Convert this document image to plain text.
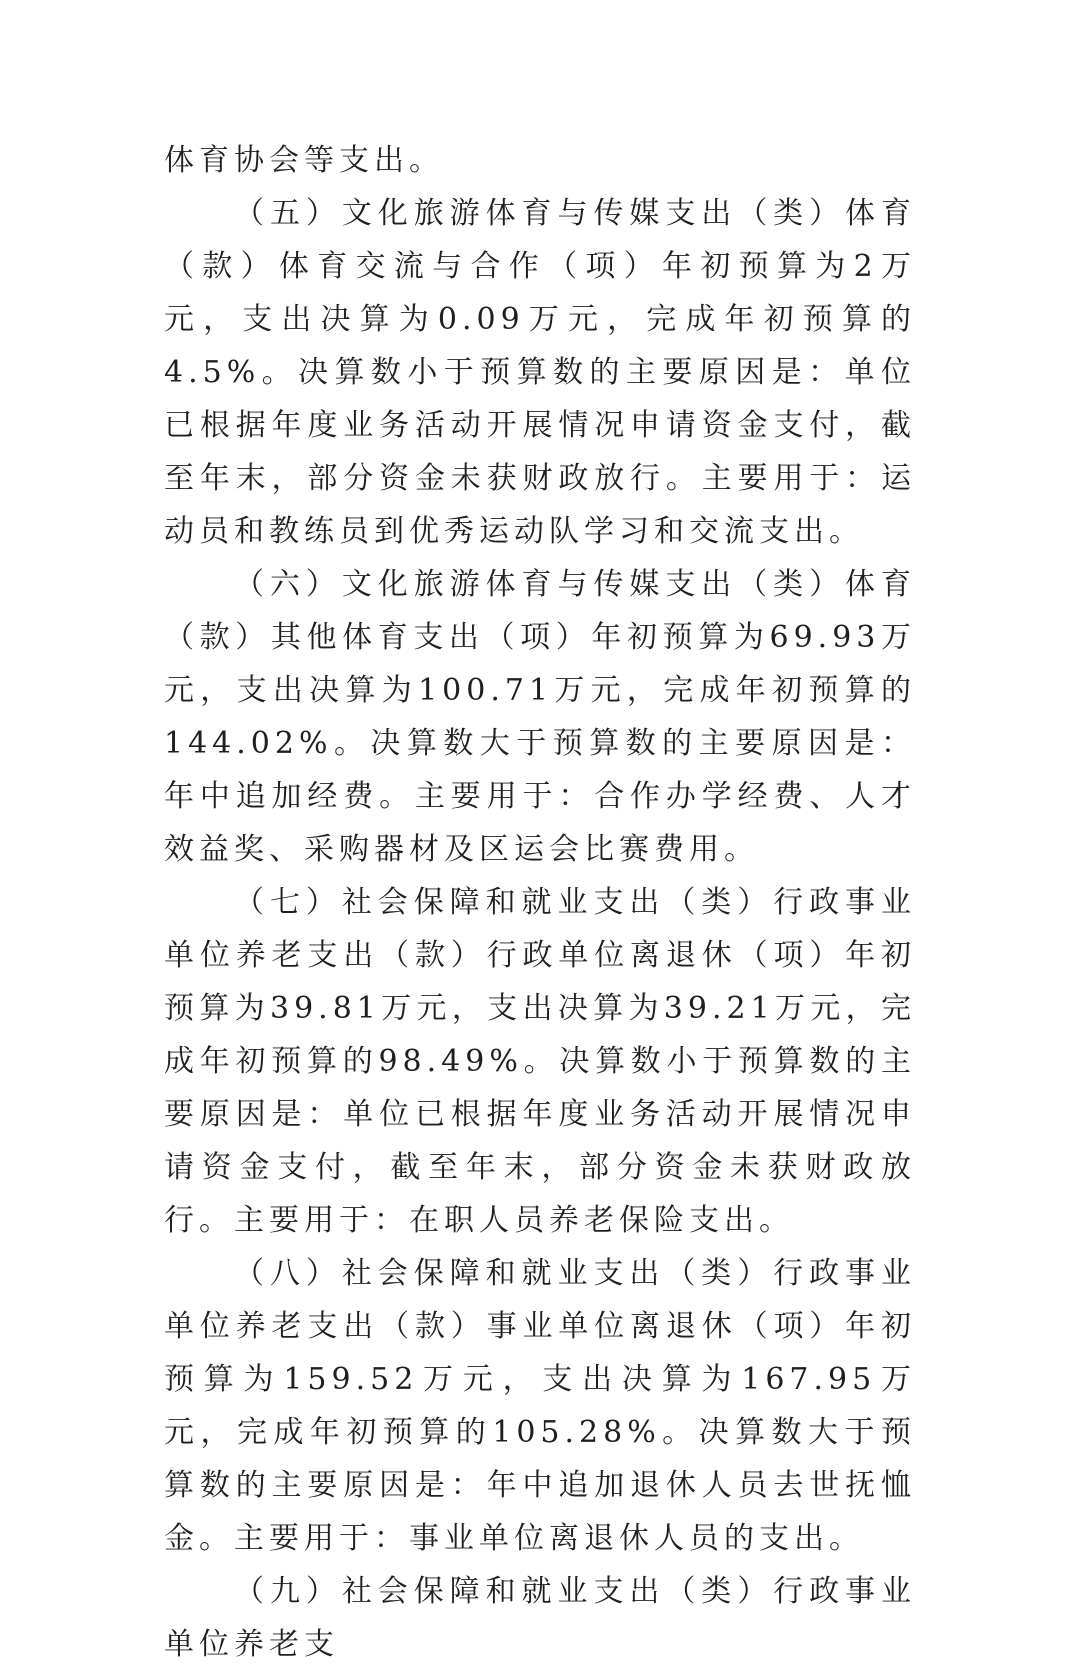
体育协会等支出。

（五）文化旅游体育与传媒支出（类）体育（款）体育交流与合作（项）年初预算为2万元，支出决算为0.09万元，完成年初预算的4.5%。决算数小于预算数的主要原因是：单位已根据年度业务活动开展情况申请资金支付，截至年末，部分资金未获财政放行。主要用于：运动员和教练员到优秀运动队学习和交流支出。

（六）文化旅游体育与传媒支出（类）体育（款）其他体育支出（项）年初预算为69.93万元，支出决算为100.71万元，完成年初预算的144.02%。决算数大于预算数的主要原因是：年中追加经费。主要用于：合作办学经费、人才效益奖、采购器材及区运会比赛费用。

（七）社会保障和就业支出（类）行政事业单位养老支出（款）行政单位离退休（项）年初预算为39.81万元，支出决算为39.21万元，完成年初预算的98.49%。决算数小于预算数的主要原因是：单位已根据年度业务活动开展情况申请资金支付，截至年末，部分资金未获财政放行。主要用于：在职人员养老保险支出。

（八）社会保障和就业支出（类）行政事业单位养老支出（款）事业单位离退休（项）年初预算为159.52万元，支出决算为167.95万元，完成年初预算的105.28%。决算数大于预算数的主要原因是：年中追加退休人员去世抚恤金。主要用于：事业单位离退休人员的支出。

（九）社会保障和就业支出（类）行政事业单位养老支
